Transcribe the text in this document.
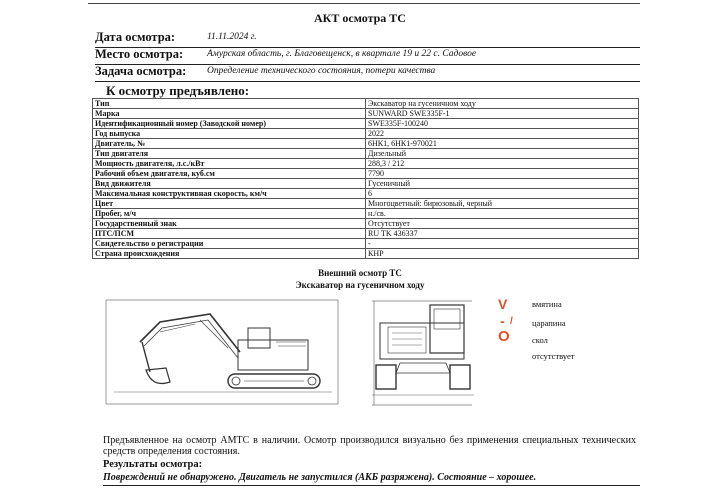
АКТ осмотра ТС
Дата осмотра:	11.11.2024 г.
Место осмотра:	Амурская область, г. Благовещенск, в квартале 19 и 22 с. Садовое
Задача осмотра: Определение технического состояния, потери качества
К осмотру предъявлено:
Тип	Экскаватор на гусеничном ходу
Марка	SUNWARD SWE335F-1
Идентификационный номер (Заводской номер)	SWE335F-100240
Год выпуска	2022
Двигатель, №	6НК1, 6НК1-970021
Тип двигателя	Дизельный
Мощность двигателя, л.с./кВт	288,3 / 212
Рабочий объем двигателя, куб.см	7790
Вид движителя	Гусеничный
Максимальная конструктивная скорость, км/ч	6
Цвет	Многоцветный: бирюзовый, черный
Пробег, м/ч	н./св.
Государственный знак	Отсутствует
ПТС/ПСМ	RU TK 436337
Свидетельство о регистрации	-
Страна происхождения	КНР
Внешний осмотр ТС
Экскаватор на гусеничном ходу
V	вмятина
-	царапина
/
скол
O
отсутствует
Предъявленное на осмотр АМТС в наличии. Осмотр производился визуально без применения специальных технических средств определения состояния.
Результаты осмотра:
Повреждений не обнаружено. Двигатель не запустился (АКБ разряжена). Состояние – хорошее.
